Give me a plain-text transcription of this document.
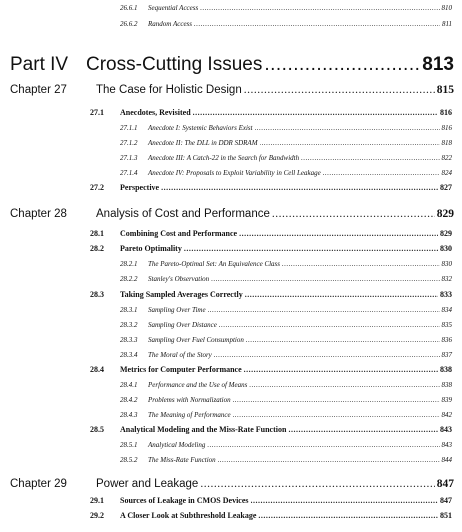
26.6.1	Sequential Access .....	810
26.6.2	Random Access .....	811
Part IV Cross-Cutting Issues .....	813
Chapter 27	The Case for Holistic Design .....	815
27.1	Anecdotes, Revisited .....	816
27.1.1	Anecdote I: Systemic Behaviors Exist .....	816
27.1.2	Anecdote II: The DLL in DDR SDRAM .....	818
27.1.3	Anecdote III: A Catch-22 in the Search for Bandwidth .....	822
27.1.4	Anecdote IV: Proposals to Exploit Variability in Cell Leakage .....	824
27.2	Perspective .....	827
Chapter 28	Analysis of Cost and Performance .....	829
28.1	Combining Cost and Performance .....	829
28.2	Pareto Optimality .....	830
28.2.1	The Pareto-Optimal Set: An Equivalence Class .....	830
28.2.2	Stanley's Observation .....	832
28.3	Taking Sampled Averages Correctly .....	833
28.3.1	Sampling Over Time .....	834
28.3.2	Sampling Over Distance .....	835
28.3.3	Sampling Over Fuel Consumption .....	836
28.3.4	The Moral of the Story .....	837
28.4	Metrics for Computer Performance .....	838
28.4.1	Performance and the Use of Means .....	838
28.4.2	Problems with Normalization .....	839
28.4.3	The Meaning of Performance .....	842
28.5	Analytical Modeling and the Miss-Rate Function .....	843
28.5.1	Analytical Modeling .....	843
28.5.2	The Miss-Rate Function .....	844
Chapter 29	Power and Leakage .....	847
29.1	Sources of Leakage in CMOS Devices .....	847
29.2	A Closer Look at Subthreshold Leakage .....	851
